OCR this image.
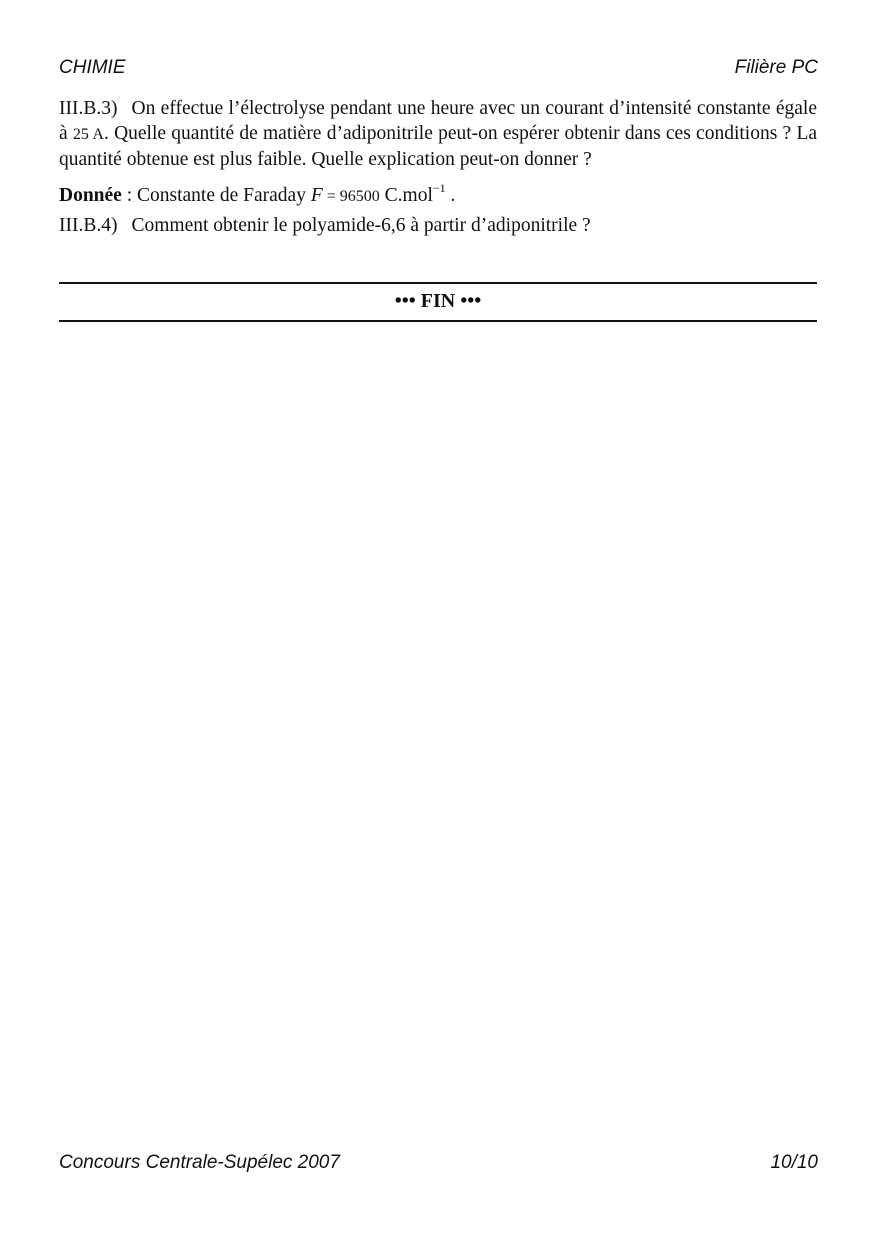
CHIMIE	Filière PC

III.B.3) On effectue l’électrolyse pendant une heure avec un courant d’intensité constante égale à 25 A. Quelle quantité de matière d’adiponitrile peut-on espérer obtenir dans ces conditions ? La quantité obtenue est plus faible. Quelle explication peut-on donner ?

Donnée : Constante de Faraday F = 96500 C.mol$^{-1}$ .

III.B.4) Comment obtenir le polyamide-6,6 à partir d’adiponitrile ?

••• FIN •••
Concours Centrale-Supélec 2007	10/10
